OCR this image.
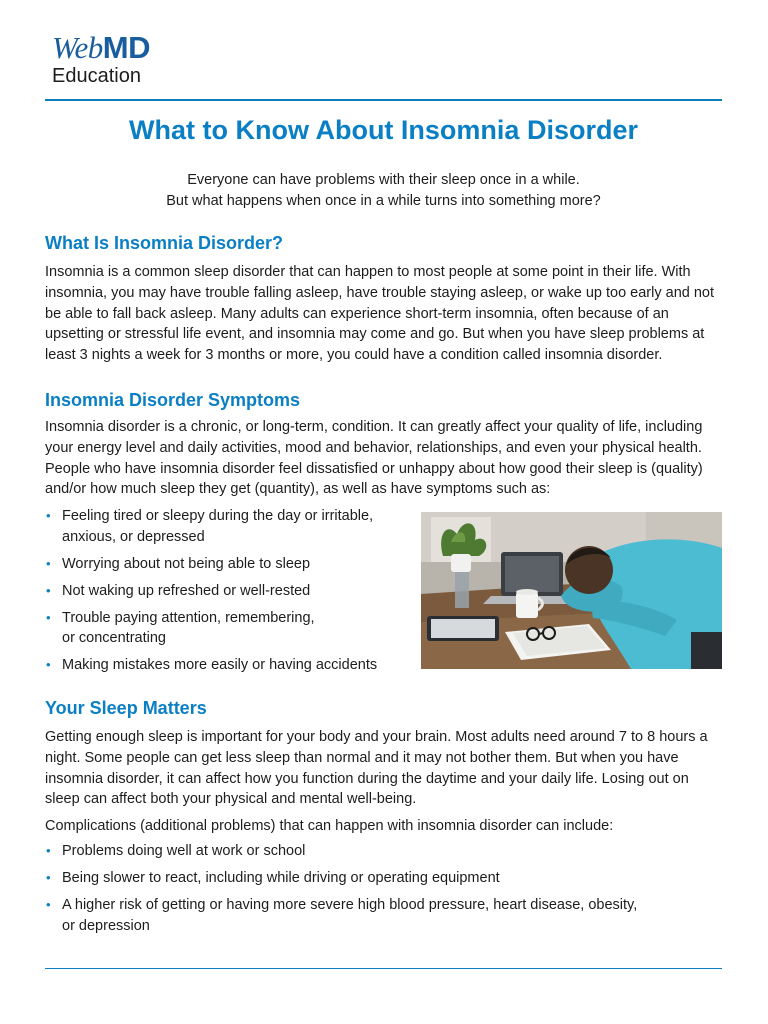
WebMD
Education
What to Know About Insomnia Disorder

Everyone can have problems with their sleep once in a while.

But what happens when once in a while turns into something more?

What Is Insomnia Disorder?

Insomnia is a common sleep disorder that can happen to most people at some point in their life. With insomnia, you may have trouble falling asleep, have trouble staying asleep, or wake up too early and not be able to fall back asleep. Many adults can experience short-term insomnia, often because of an upsetting or stressful life event, and insomnia may come and go. But when you have sleep problems at least 3 nights a week for 3 months or more, you could have a condition called insomnia disorder.

Insomnia Disorder Symptoms

Insomnia disorder is a chronic, or long-term, condition. It can greatly affect your quality of life, including your energy level and daily activities, mood and behavior, relationships, and even your physical health. People who have insomnia disorder feel dissatisfied or unhappy about how good their sleep is (quality) and/or how much sleep they get (quantity), as well as have symptoms such as:

• Feeling tired or sleepy during the day or irritable,
anxious, or depressed
• Worrying about not being able to sleep
• Not waking up refreshed or well-rested
• Trouble paying attention, remembering,
or concentrating
• Making mistakes more easily or having accidents
Your Sleep Matters

Getting enough sleep is important for your body and your brain. Most adults need around 7 to 8 hours a night. Some people can get less sleep than normal and it may not bother them. But when you have insomnia disorder, it can affect how you function during the daytime and your daily life. Losing out on sleep can affect both your physical and mental well-being.

Complications (additional problems) that can happen with insomnia disorder can include:

• Problems doing well at work or school
• Being slower to react, including while driving or operating equipment
• A higher risk of getting or having more severe high blood pressure, heart disease, obesity,
or depression
